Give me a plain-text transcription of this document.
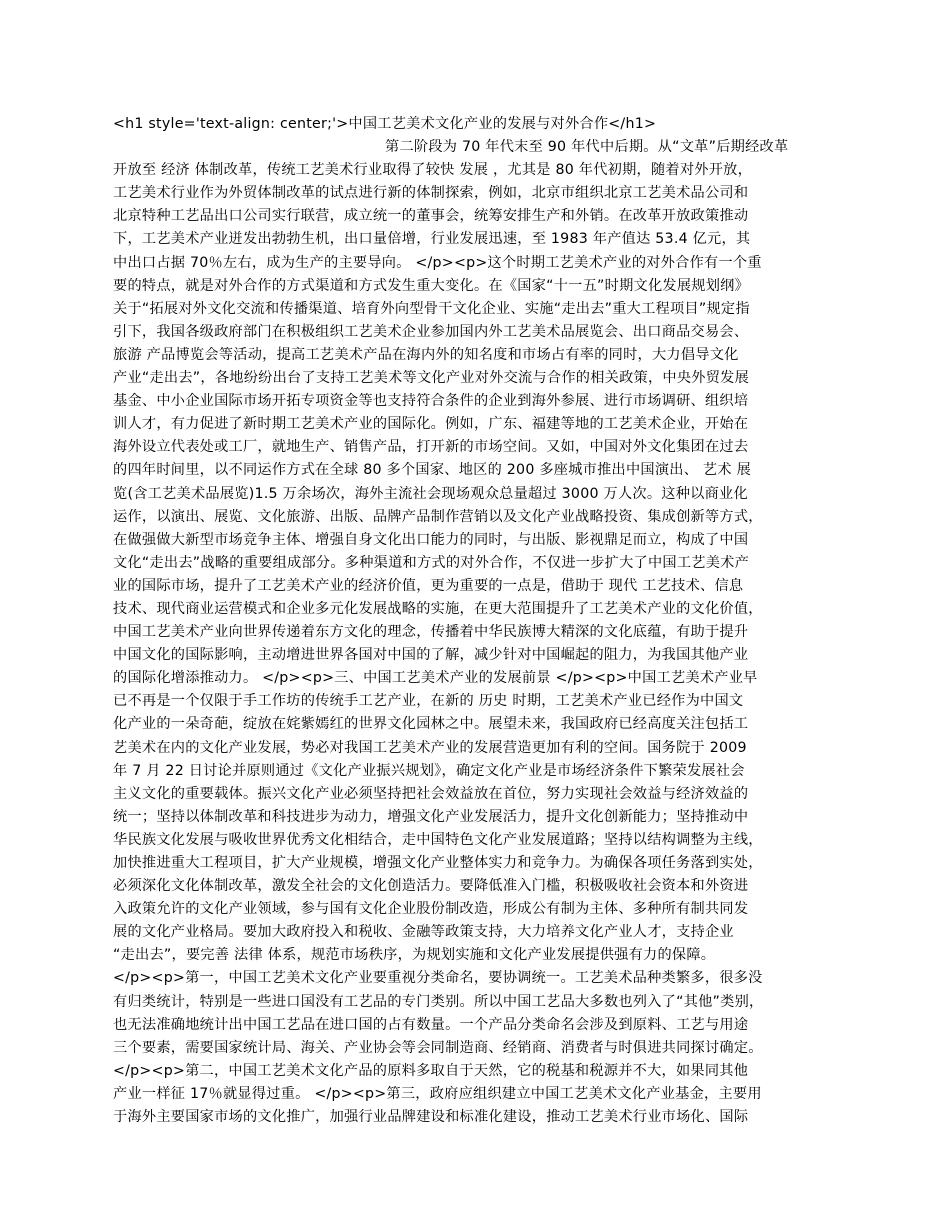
<h1 style='text-align: center;'>中国工艺美术文化产业的发展与对外合作</h1>
第二阶段为 70 年代末至 90 年代中后期。从“文革”后期经改革
开放至 经济 体制改革，传统工艺美术行业取得了较快 发展 ，尤其是 80 年代初期，随着对外开放，
工艺美术行业作为外贸体制改革的试点进行新的体制探索，例如，北京市组织北京工艺美术品公司和
北京特种工艺品出口公司实行联营，成立统一的董事会，统筹安排生产和外销。在改革开放政策推动
下，工艺美术产业迸发出勃勃生机，出口量倍增，行业发展迅速，至 1983 年产值达 53.4 亿元，其
中出口占据 70％左右，成为生产的主要导向。 </p><p>这个时期工艺美术产业的对外合作有一个重
要的特点，就是对外合作的方式渠道和方式发生重大变化。在《国家“十一五”时期文化发展规划纲》
关于“拓展对外文化交流和传播渠道、培育外向型骨干文化企业、实施“走出去”重大工程项目”规定指
引下，我国各级政府部门在积极组织工艺美术企业参加国内外工艺美术品展览会、出口商品交易会、
旅游 产品博览会等活动，提高工艺美术产品在海内外的知名度和市场占有率的同时，大力倡导文化
产业“走出去”，各地纷纷出台了支持工艺美术等文化产业对外交流与合作的相关政策，中央外贸发展
基金、中小企业国际市场开拓专项资金等也支持符合条件的企业到海外参展、进行市场调研、组织培
训人才，有力促进了新时期工艺美术产业的国际化。例如，广东、福建等地的工艺美术企业，开始在
海外设立代表处或工厂，就地生产、销售产品，打开新的市场空间。又如，中国对外文化集团在过去
的四年时间里，以不同运作方式在全球 80 多个国家、地区的 200 多座城市推出中国演出、 艺术 展
览(含工艺美术品展览)1.5 万余场次，海外主流社会现场观众总量超过 3000 万人次。这种以商业化
运作，以演出、展览、文化旅游、出版、品牌产品制作营销以及文化产业战略投资、集成创新等方式，
在做强做大新型市场竞争主体、增强自身文化出口能力的同时，与出版、影视鼎足而立，构成了中国
文化“走出去”战略的重要组成部分。多种渠道和方式的对外合作，不仅进一步扩大了中国工艺美术产
业的国际市场，提升了工艺美术产业的经济价值，更为重要的一点是，借助于 现代 工艺技术、信息
技术、现代商业运营模式和企业多元化发展战略的实施，在更大范围提升了工艺美术产业的文化价值，
中国工艺美术产业向世界传递着东方文化的理念，传播着中华民族博大精深的文化底蕴，有助于提升
中国文化的国际影响，主动增进世界各国对中国的了解，减少针对中国崛起的阻力，为我国其他产业
的国际化增添推动力。 </p><p>三、中国工艺美术产业的发展前景 </p><p>中国工艺美术产业早
已不再是一个仅限于手工作坊的传统手工艺产业，在新的 历史 时期，工艺美术产业已经作为中国文
化产业的一朵奇葩，绽放在姹紫嫣红的世界文化园林之中。展望未来，我国政府已经高度关注包括工
艺美术在内的文化产业发展，势必对我国工艺美术产业的发展营造更加有利的空间。国务院于 2009
年 7 月 22 日讨论并原则通过《文化产业振兴规划》，确定文化产业是市场经济条件下繁荣发展社会
主义文化的重要载体。振兴文化产业必须坚持把社会效益放在首位，努力实现社会效益与经济效益的
统一；坚持以体制改革和科技进步为动力，增强文化产业发展活力，提升文化创新能力；坚持推动中
华民族文化发展与吸收世界优秀文化相结合，走中国特色文化产业发展道路；坚持以结构调整为主线，
加快推进重大工程项目，扩大产业规模，增强文化产业整体实力和竞争力。为确保各项任务落到实处，
必须深化文化体制改革，激发全社会的文化创造活力。要降低准入门槛，积极吸收社会资本和外资进
入政策允许的文化产业领域，参与国有文化企业股份制改造，形成公有制为主体、多种所有制共同发
展的文化产业格局。要加大政府投入和税收、金融等政策支持，大力培养文化产业人才，支持企业
“走出去”，要完善 法律 体系，规范市场秩序，为规划实施和文化产业发展提供强有力的保障。
</p><p>第一，中国工艺美术文化产业要重视分类命名，要协调统一。工艺美术品种类繁多，很多没
有归类统计，特别是一些进口国没有工艺品的专门类别。所以中国工艺品大多数也列入了“其他”类别，
也无法准确地统计出中国工艺品在进口国的占有数量。一个产品分类命名会涉及到原料、工艺与用途
三个要素，需要国家统计局、海关、产业协会等会同制造商、经销商、消费者与时俱进共同探讨确定。
</p><p>第二，中国工艺美术文化产品的原料多取自于天然，它的税基和税源并不大，如果同其他
产业一样征 17％就显得过重。 </p><p>第三，政府应组织建立中国工艺美术文化产业基金，主要用
于海外主要国家市场的文化推广，加强行业品牌建设和标准化建设，推动工艺美术行业市场化、国际
